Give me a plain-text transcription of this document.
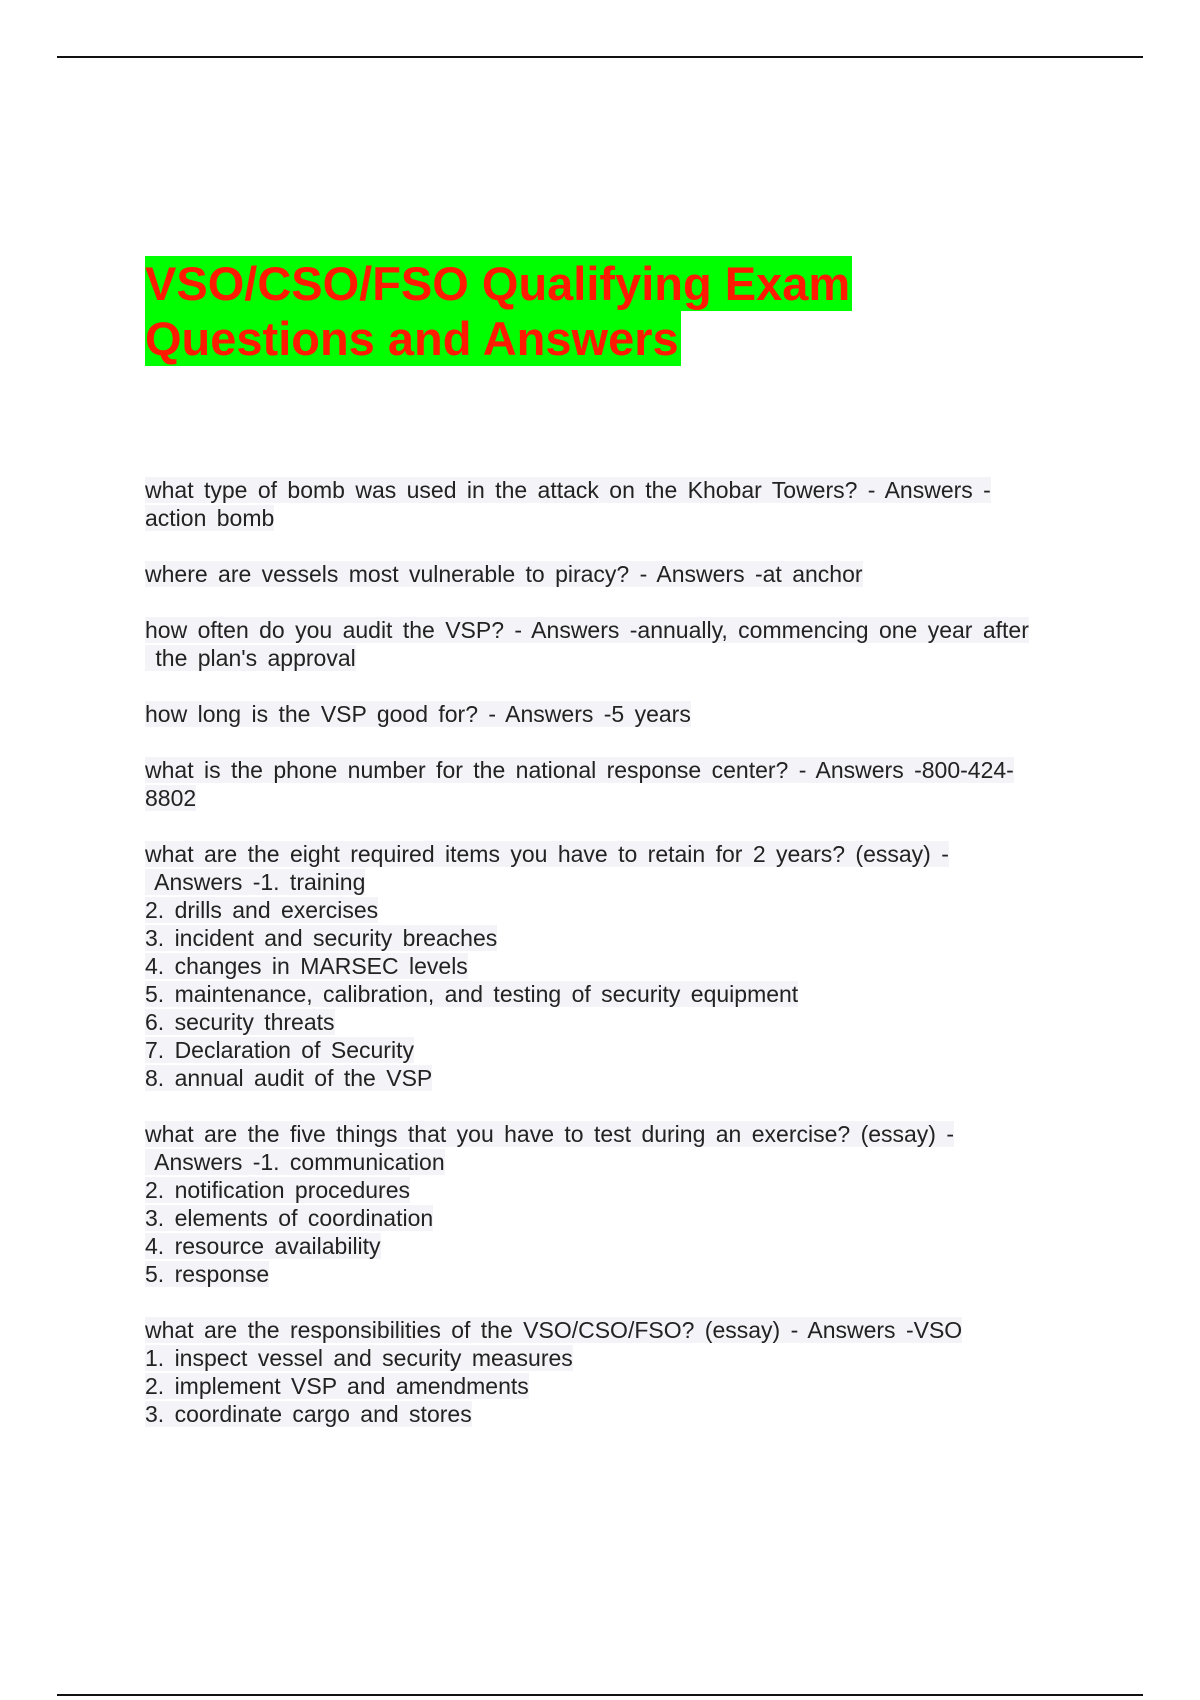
VSO/CSO/FSO Qualifying Exam
Questions and Answers

what type of bomb was used in the attack on the Khobar Towers? - Answers -

action bomb

where are vessels most vulnerable to piracy? - Answers -at anchor

how often do you audit the VSP? - Answers -annually, commencing one year after

the plan's approval

how long is the VSP good for? - Answers -5 years

what is the phone number for the national response center? - Answers -800-424-

8802

what are the eight required items you have to retain for 2 years? (essay) -

Answers -1. training

2. drills and exercises

3. incident and security breaches

4. changes in MARSEC levels

5. maintenance, calibration, and testing of security equipment

6. security threats

7. Declaration of Security

8. annual audit of the VSP

what are the five things that you have to test during an exercise? (essay) -

Answers -1. communication

2. notification procedures

3. elements of coordination

4. resource availability

5. response

what are the responsibilities of the VSO/CSO/FSO? (essay) - Answers -VSO

1. inspect vessel and security measures

2. implement VSP and amendments

3. coordinate cargo and stores
